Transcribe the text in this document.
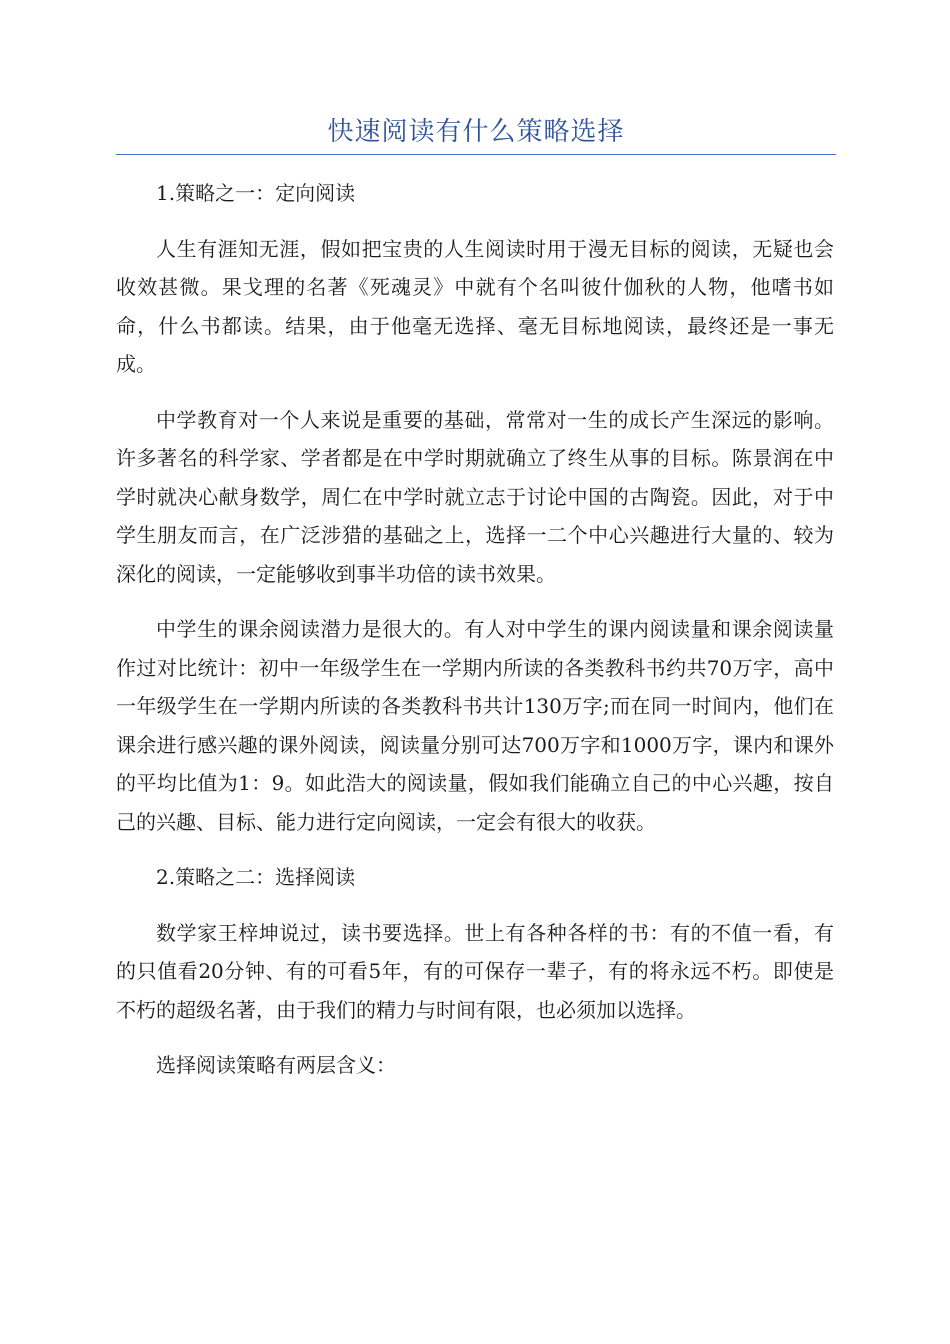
快速阅读有什么策略选择

1.策略之一：定向阅读

人生有涯知无涯，假如把宝贵的人生阅读时用于漫无目标的阅读，无疑也会收效甚微。果戈理的名著《死魂灵》中就有个名叫彼什伽秋的人物，他嗜书如命，什么书都读。结果，由于他毫无选择、毫无目标地阅读，最终还是一事无成。

中学教育对一个人来说是重要的基础，常常对一生的成长产生深远的影响。许多著名的科学家、学者都是在中学时期就确立了终生从事的目标。陈景润在中学时就决心献身数学，周仁在中学时就立志于讨论中国的古陶瓷。因此，对于中学生朋友而言，在广泛涉猎的基础之上，选择一二个中心兴趣进行大量的、较为深化的阅读，一定能够收到事半功倍的读书效果。

中学生的课余阅读潜力是很大的。有人对中学生的课内阅读量和课余阅读量作过对比统计：初中一年级学生在一学期内所读的各类教科书约共70万字，高中一年级学生在一学期内所读的各类教科书共计130万字;而在同一时间内，他们在课余进行感兴趣的课外阅读，阅读量分别可达700万字和1000万字，课内和课外的平均比值为1：9。如此浩大的阅读量，假如我们能确立自己的中心兴趣，按自己的兴趣、目标、能力进行定向阅读，一定会有很大的收获。

2.策略之二：选择阅读

数学家王梓坤说过，读书要选择。世上有各种各样的书：有的不值一看，有的只值看20分钟、有的可看5年，有的可保存一辈子，有的将永远不朽。即使是不朽的超级名著，由于我们的精力与时间有限，也必须加以选择。

选择阅读策略有两层含义：
